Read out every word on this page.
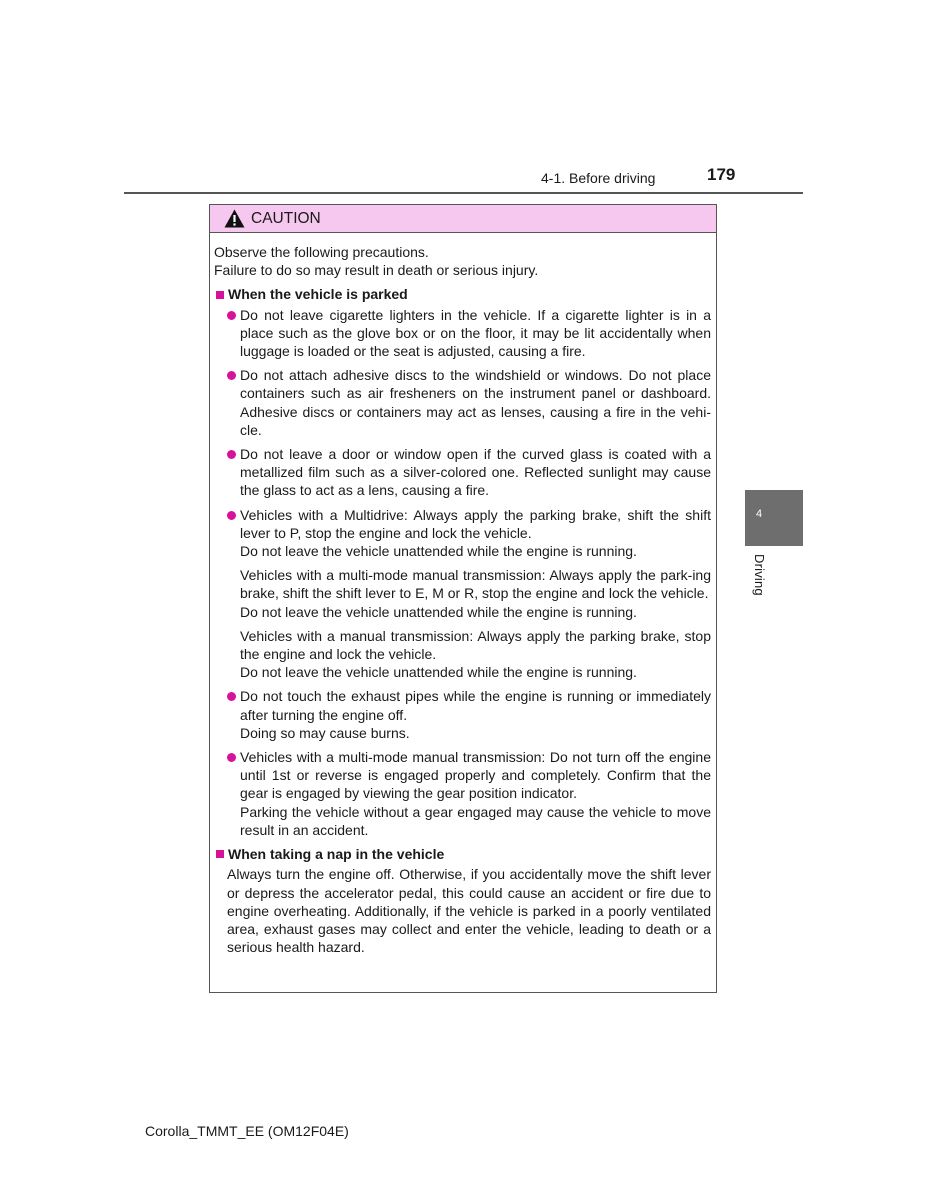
4-1. Before driving	179
4
Driving
CAUTION

Observe the following precautions.

Failure to do so may result in death or serious injury.

When the vehicle is parked

Do not leave cigarette lighters in the vehicle. If a cigarette lighter is in a place such as the glove box or on the floor, it may be lit accidentally when luggage is loaded or the seat is adjusted, causing a fire.

Do not attach adhesive discs to the windshield or windows. Do not place containers such as air fresheners on the instrument panel or dashboard. Adhesive discs or containers may act as lenses, causing a fire in the vehi-cle.

Do not leave a door or window open if the curved glass is coated with a metallized film such as a silver-colored one. Reflected sunlight may cause the glass to act as a lens, causing a fire.

Vehicles with a Multidrive: Always apply the parking brake, shift the shift lever to P, stop the engine and lock the vehicle.

Do not leave the vehicle unattended while the engine is running.

Vehicles with a multi-mode manual transmission: Always apply the park-ing brake, shift the shift lever to E, M or R, stop the engine and lock the vehicle.

Do not leave the vehicle unattended while the engine is running.

Vehicles with a manual transmission: Always apply the parking brake, stop the engine and lock the vehicle.

Do not leave the vehicle unattended while the engine is running.

Do not touch the exhaust pipes while the engine is running or immediately after turning the engine off.

Doing so may cause burns.

Vehicles with a multi-mode manual transmission: Do not turn off the engine until 1st or reverse is engaged properly and completely. Confirm that the gear is engaged by viewing the gear position indicator.

Parking the vehicle without a gear engaged may cause the vehicle to move result in an accident.

When taking a nap in the vehicle

Always turn the engine off. Otherwise, if you accidentally move the shift lever or depress the accelerator pedal, this could cause an accident or fire due to engine overheating. Additionally, if the vehicle is parked in a poorly ventilated area, exhaust gases may collect and enter the vehicle, leading to death or a serious health hazard.

Corolla_TMMT_EE (OM12F04E)
